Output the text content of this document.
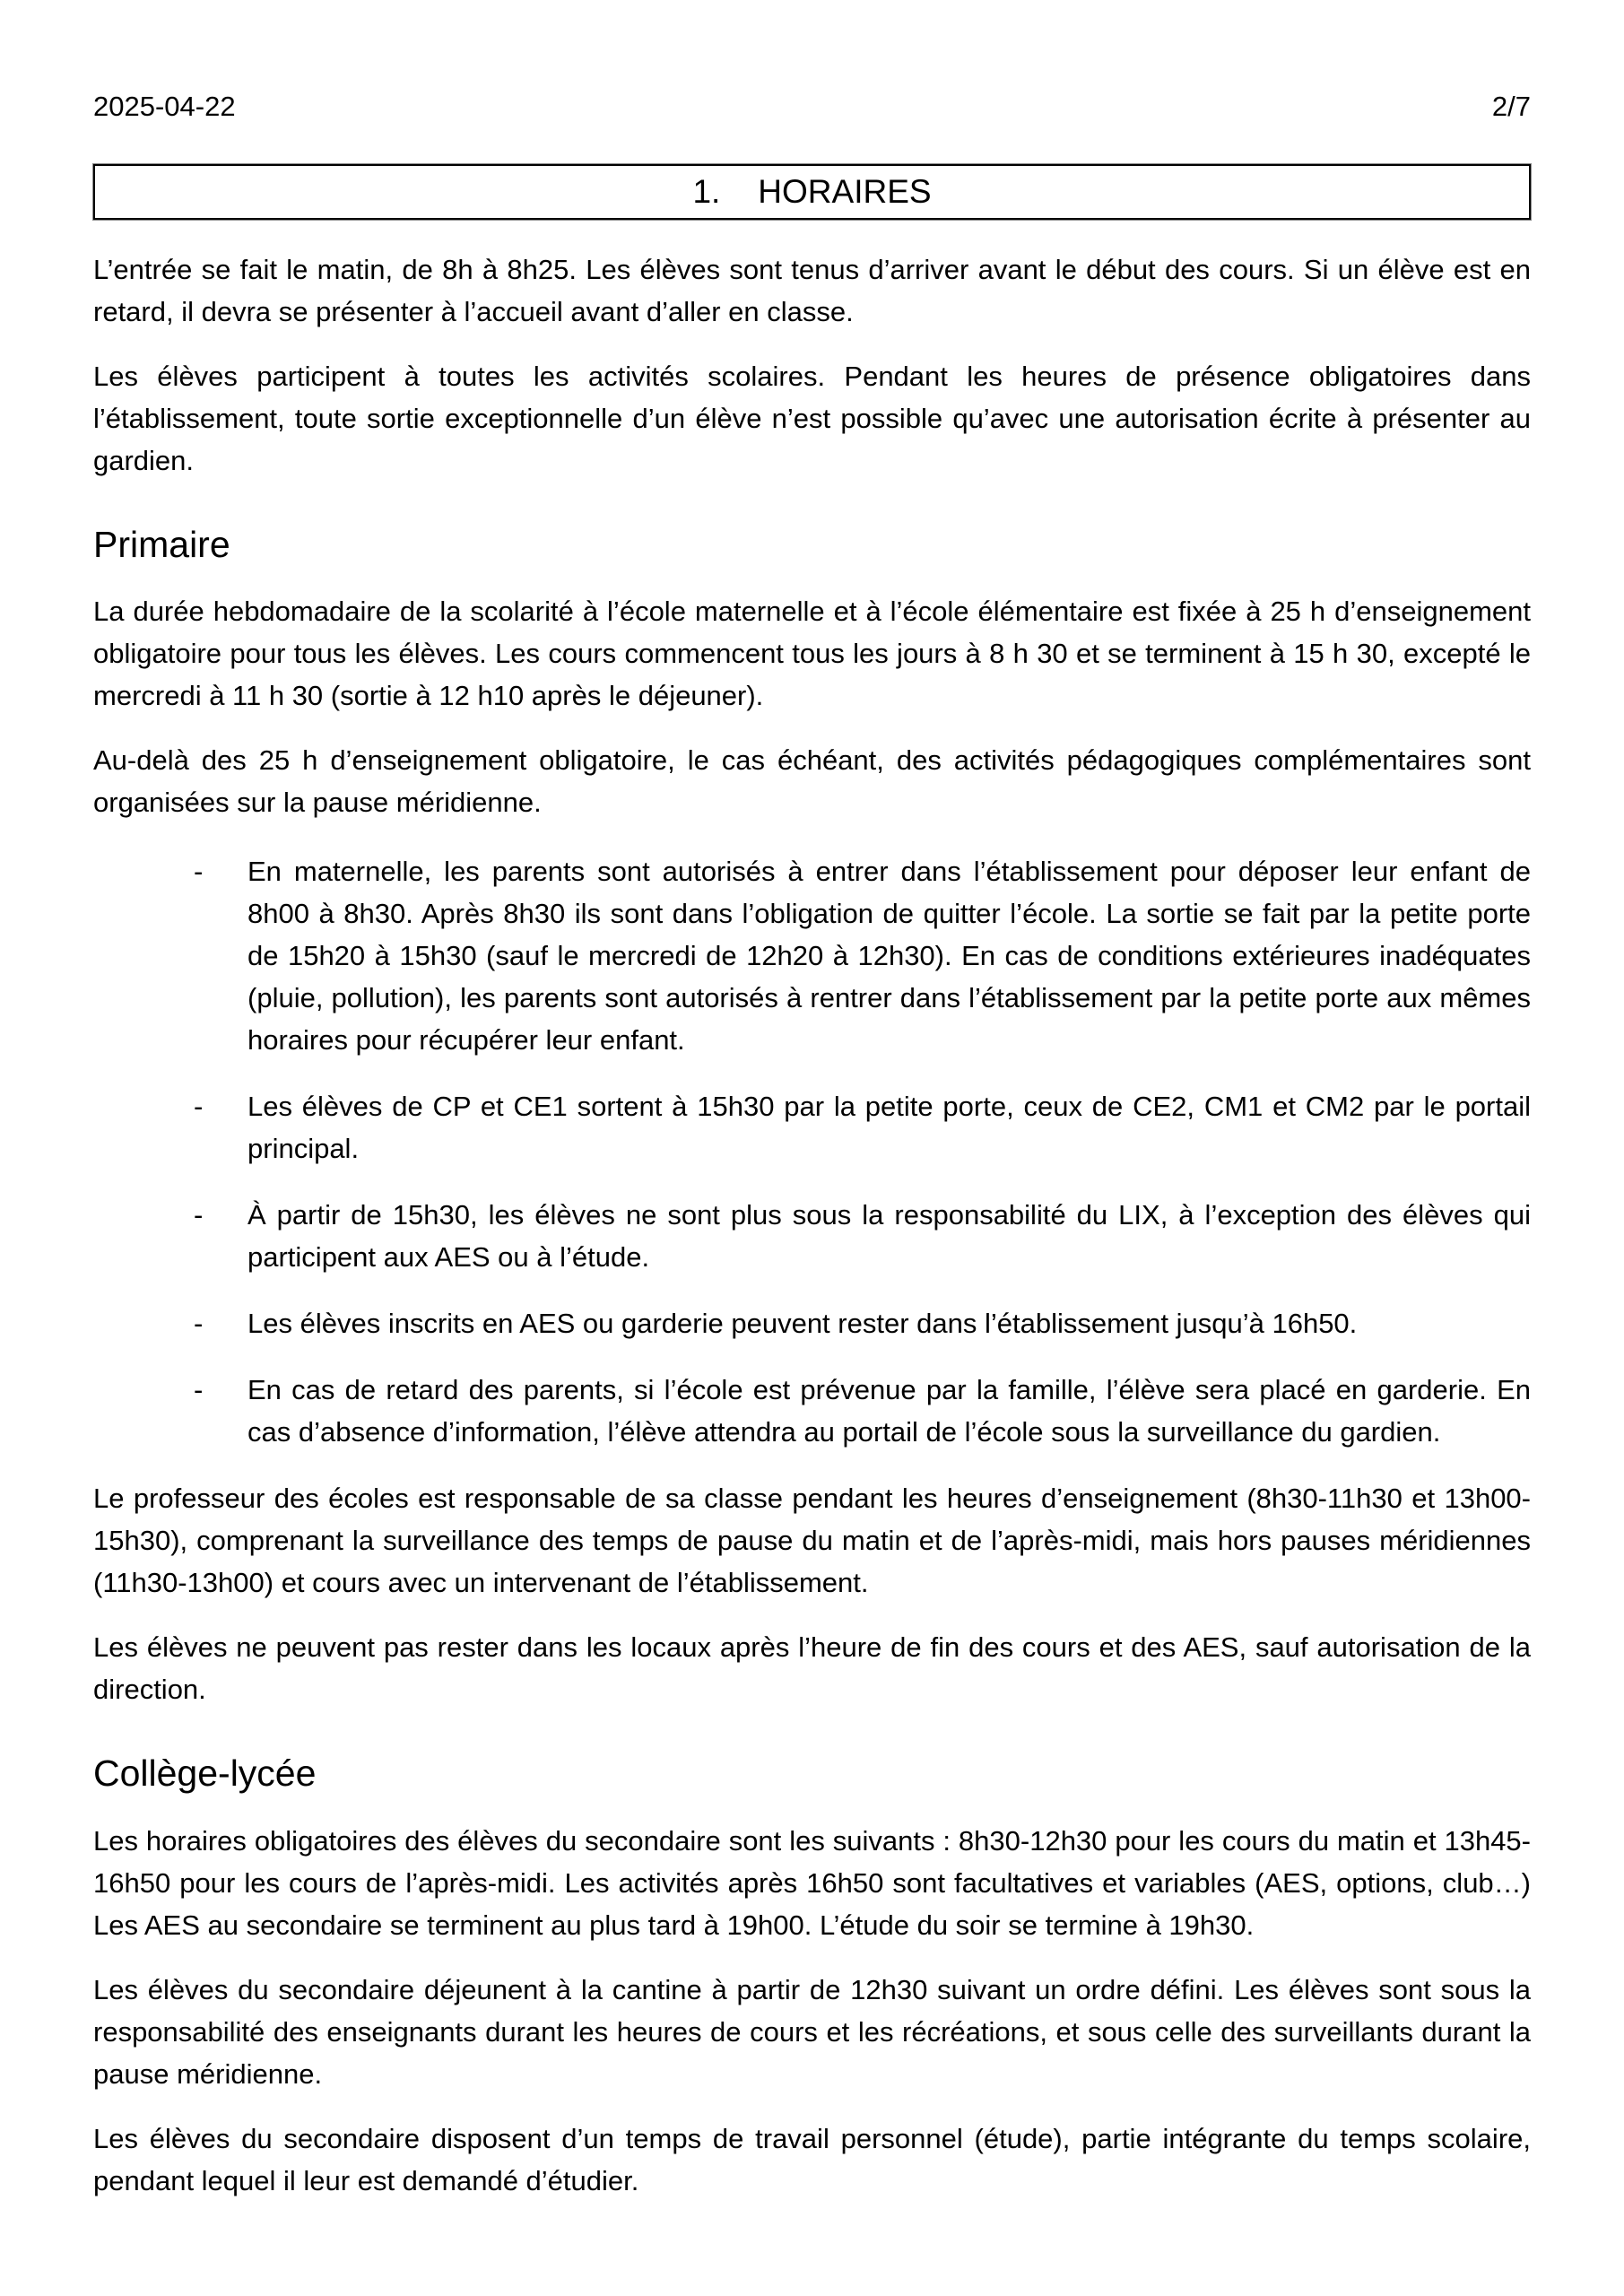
2025-04-22	2/7
1. HORAIRES

L’entrée se fait le matin, de 8h à 8h25. Les élèves sont tenus d’arriver avant le début des cours. Si un élève est en retard, il devra se présenter à l’accueil avant d’aller en classe.

Les élèves participent à toutes les activités scolaires. Pendant les heures de présence obligatoires dans l’établissement, toute sortie exceptionnelle d’un élève n’est possible qu’avec une autorisation écrite à présenter au gardien.

Primaire

La durée hebdomadaire de la scolarité à l’école maternelle et à l’école élémentaire est fixée à 25 h d’enseignement obligatoire pour tous les élèves. Les cours commencent tous les jours à 8 h 30 et se terminent à 15 h 30, excepté le mercredi à 11 h 30 (sortie à 12 h10 après le déjeuner).

Au-delà des 25 h d’enseignement obligatoire, le cas échéant, des activités pédagogiques complémentaires sont organisées sur la pause méridienne.

- En maternelle, les parents sont autorisés à entrer dans l’établissement pour déposer leur enfant de 8h00 à 8h30. Après 8h30 ils sont dans l’obligation de quitter l’école. La sortie se fait par la petite porte de 15h20 à 15h30 (sauf le mercredi de 12h20 à 12h30). En cas de conditions extérieures inadéquates (pluie, pollution), les parents sont autorisés à rentrer dans l’établissement par la petite porte aux mêmes horaires pour récupérer leur enfant.
- Les élèves de CP et CE1 sortent à 15h30 par la petite porte, ceux de CE2, CM1 et CM2 par le portail principal.
- À partir de 15h30, les élèves ne sont plus sous la responsabilité du LIX, à l’exception des élèves qui participent aux AES ou à l’étude.
- Les élèves inscrits en AES ou garderie peuvent rester dans l’établissement jusqu’à 16h50.
- En cas de retard des parents, si l’école est prévenue par la famille, l’élève sera placé en garderie. En cas d’absence d’information, l’élève attendra au portail de l’école sous la surveillance du gardien.

Le professeur des écoles est responsable de sa classe pendant les heures d’enseignement (8h30-11h30 et 13h00-15h30), comprenant la surveillance des temps de pause du matin et de l’après-midi, mais hors pauses méridiennes (11h30-13h00) et cours avec un intervenant de l’établissement.

Les élèves ne peuvent pas rester dans les locaux après l’heure de fin des cours et des AES, sauf autorisation de la direction.

Collège-lycée

Les horaires obligatoires des élèves du secondaire sont les suivants : 8h30-12h30 pour les cours du matin et 13h45-16h50 pour les cours de l’après-midi. Les activités après 16h50 sont facultatives et variables (AES, options, club…) Les AES au secondaire se terminent au plus tard à 19h00. L’étude du soir se termine à 19h30.

Les élèves du secondaire déjeunent à la cantine à partir de 12h30 suivant un ordre défini. Les élèves sont sous la responsabilité des enseignants durant les heures de cours et les récréations, et sous celle des surveillants durant la pause méridienne.

Les élèves du secondaire disposent d’un temps de travail personnel (étude), partie intégrante du temps scolaire, pendant lequel il leur est demandé d’étudier.
